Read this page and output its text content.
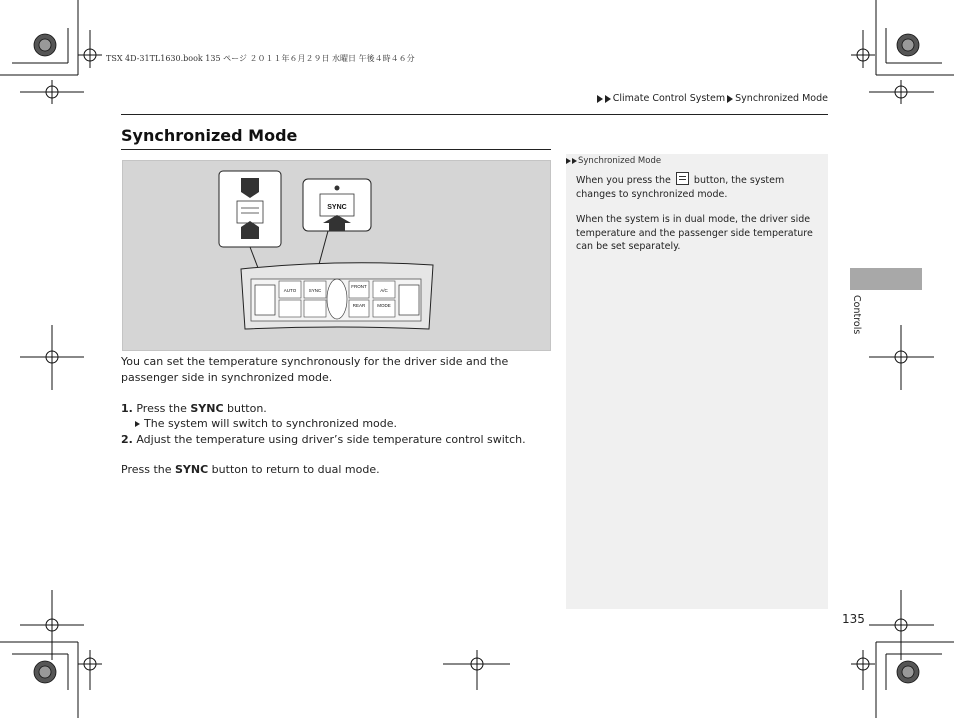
TSX 4D-31TL1630.book 135 ページ ２０１１年６月２９日 水曜日 午後４時４６分
Climate Control System Synchronized Mode
Synchronized Mode
SYNC
AUTO	SYNC	A/C
FRONT
REAR	MODE
You can set the temperature synchronously for the driver side and the passenger side in synchronized mode.
1. Press the SYNC button.
The system will switch to synchronized mode.
2. Adjust the temperature using driver’s side temperature control switch.
Press the SYNC button to return to dual mode.
Synchronized Mode
When you press the button, the system changes to synchronized mode.
When the system is in dual mode, the driver side temperature and the passenger side temperature can be set separately.
Controls
135
